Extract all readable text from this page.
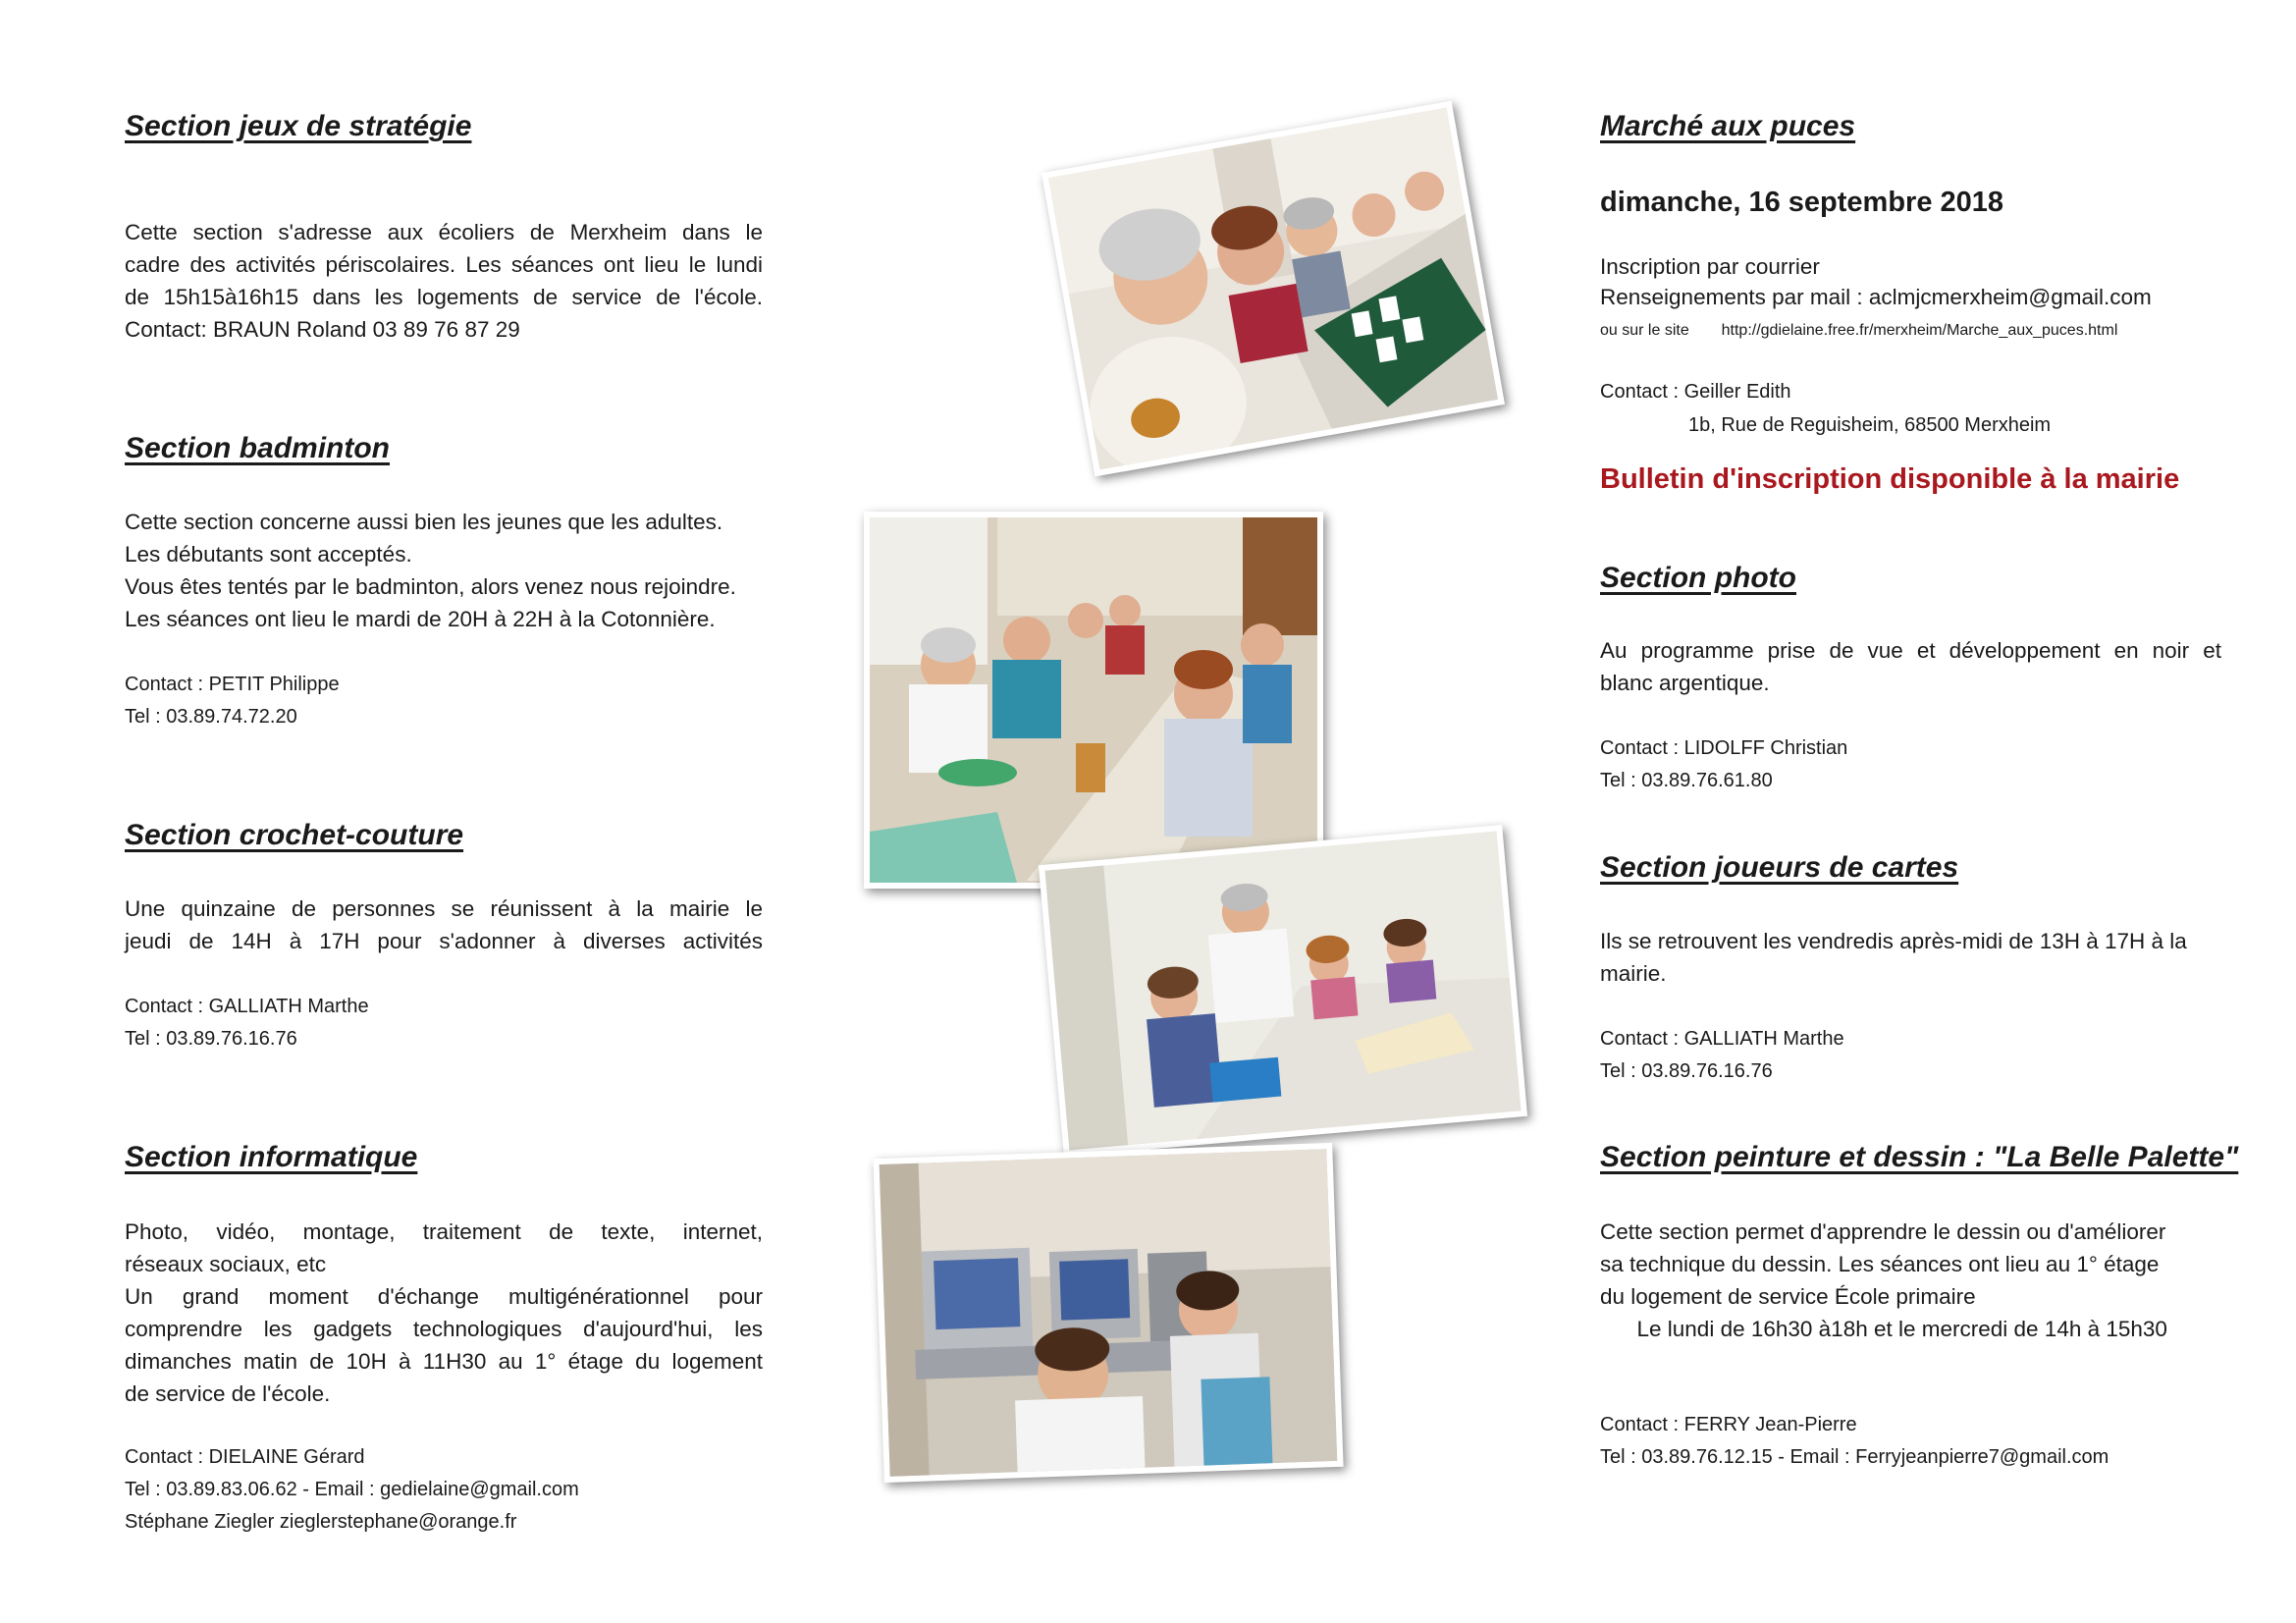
Section jeux de stratégie
Cette section s'adresse aux écoliers de Merxheim dans le
cadre des activités périscolaires. Les séances ont lieu le lundi
de 15h15à16h15 dans les logements de service de l'école.
Contact: BRAUN Roland 03 89 76 87 29
Section badminton
Cette section concerne aussi bien les jeunes que les adultes.
Les débutants sont acceptés.
Vous êtes tentés par le badminton, alors venez nous rejoindre.
Les séances ont lieu le mardi de 20H à 22H à la Cotonnière.
Contact : PETIT Philippe
Tel : 03.89.74.72.20
Section crochet-couture
Une quinzaine de personnes se réunissent à la mairie le
jeudi de 14H à 17H pour s'adonner à diverses activités
Contact : GALLIATH Marthe
Tel : 03.89.76.16.76
Section informatique
Photo, vidéo, montage, traitement de texte, internet,
réseaux sociaux, etc
Un grand moment d'échange multigénérationnel pour
comprendre les gadgets technologiques d'aujourd'hui, les
dimanches matin de 10H à 11H30 au 1° étage du logement
de service de l'école.
Contact : DIELAINE Gérard
Tel : 03.89.83.06.62 - Email : gedielaine@gmail.com
Stéphane Ziegler zieglerstephane@orange.fr
Marché aux puces
dimanche, 16 septembre 2018
Inscription par courrier
Renseignements par mail : aclmjcmerxheim@gmail.com
ou sur le site http://gdielaine.free.fr/merxheim/Marche_aux_puces.html
Contact : Geiller Edith
1b, Rue de Reguisheim, 68500 Merxheim
Bulletin d'inscription disponible à la mairie
Section photo
Au programme prise de vue et développement en noir et
blanc argentique.
Contact : LIDOLFF Christian
Tel : 03.89.76.61.80
Section joueurs de cartes
Ils se retrouvent les vendredis après-midi de 13H à 17H à la
mairie.
Contact : GALLIATH Marthe
Tel : 03.89.76.16.76
Section peinture et dessin : "La Belle Palette"
Cette section permet d'apprendre le dessin ou d'améliorer
sa technique du dessin. Les séances ont lieu au 1° étage
du logement de service École primaire
Le lundi de 16h30 à18h et le mercredi de 14h à 15h30
Contact : FERRY Jean-Pierre
Tel : 03.89.76.12.15 - Email : Ferryjeanpierre7@gmail.com
